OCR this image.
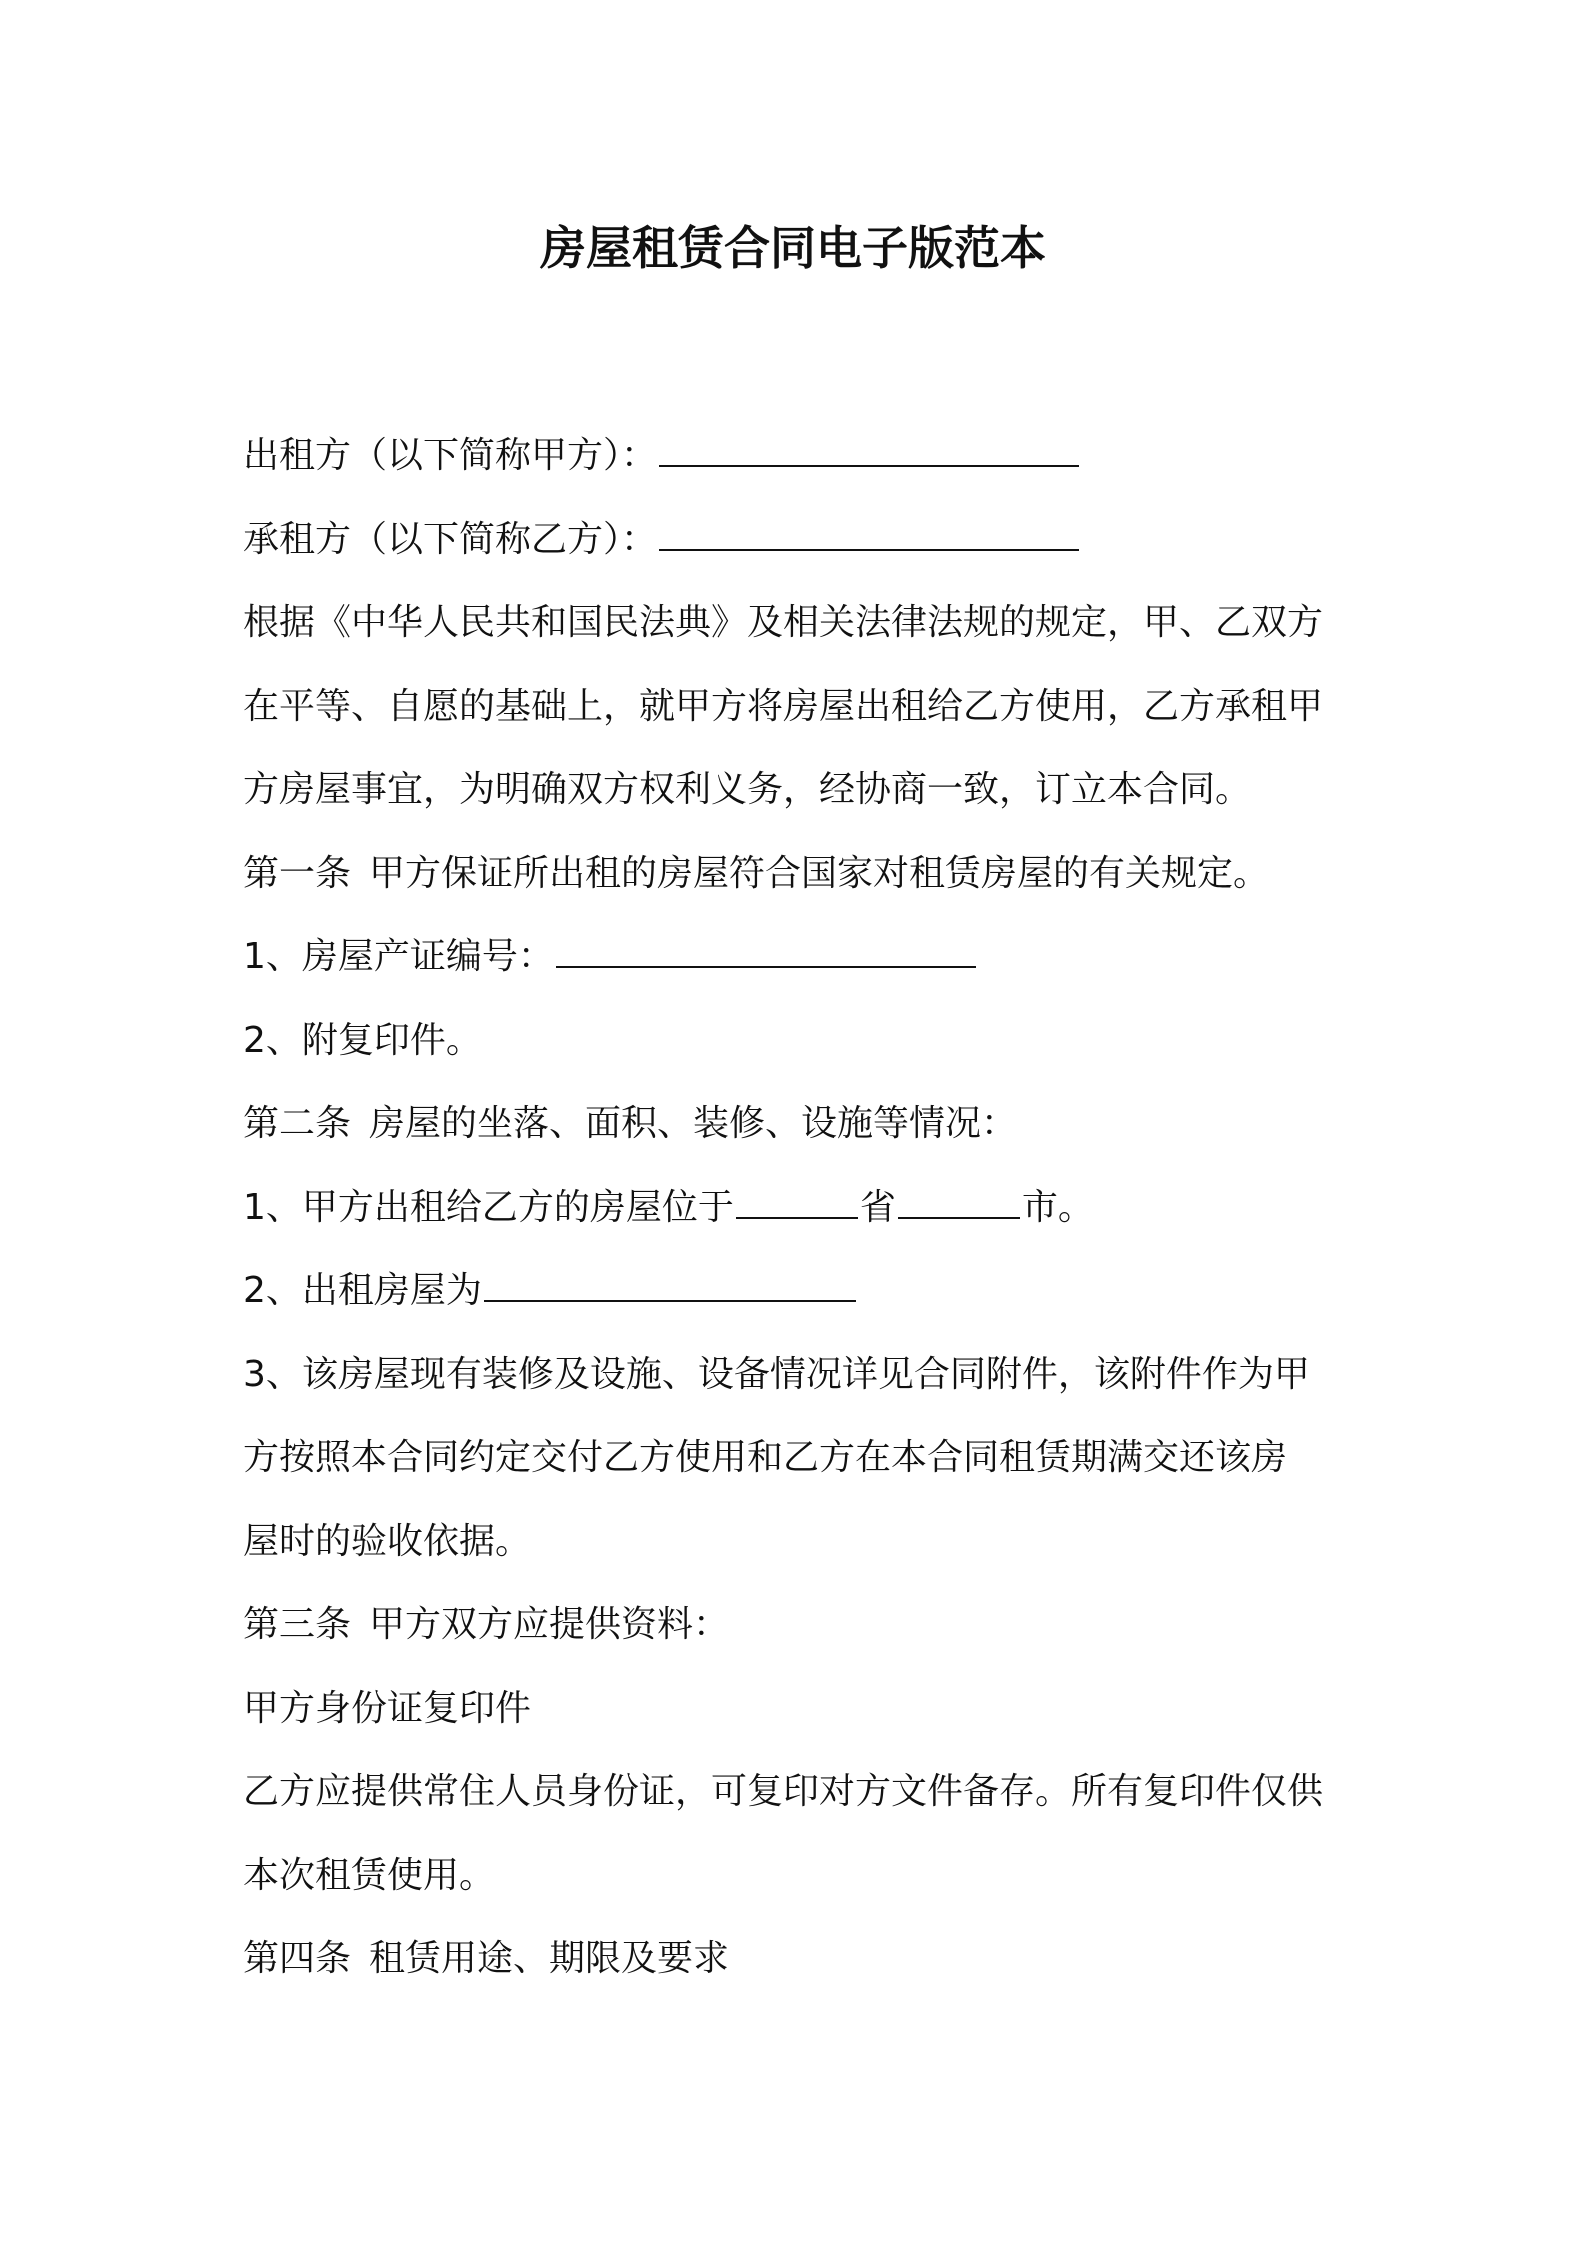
房屋租赁合同电子版范本
出租方（以下简称甲方）：
承租方（以下简称乙方）：
根据《中华人民共和国民法典》及相关法律法规的规定，甲、乙双方
在平等、自愿的基础上，就甲方将房屋出租给乙方使用，乙方承租甲
方房屋事宜，为明确双方权利义务，经协商一致，订立本合同。
第一条 甲方保证所出租的房屋符合国家对租赁房屋的有关规定。
1、房屋产证编号：
2、附复印件。
第二条 房屋的坐落、面积、装修、设施等情况：
1、甲方出租给乙方的房屋位于	省	市。
2、出租房屋为
3、该房屋现有装修及设施、设备情况详见合同附件，该附件作为甲
方按照本合同约定交付乙方使用和乙方在本合同租赁期满交还该房
屋时的验收依据。
第三条 甲方双方应提供资料：
甲方身份证复印件
乙方应提供常住人员身份证，可复印对方文件备存。所有复印件仅供
本次租赁使用。
第四条 租赁用途、期限及要求
